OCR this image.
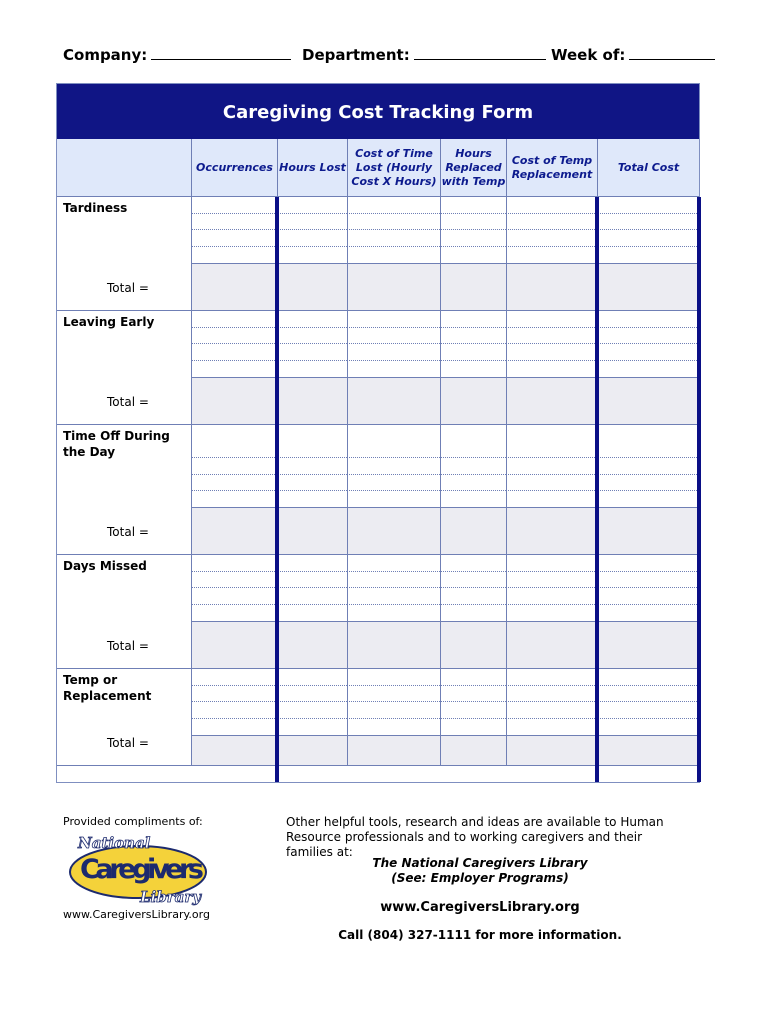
Company:	Department:	Week of:
Caregiving Cost Tracking Form
Occurrences Hours Lost
Cost of Time Lost (Hourly Cost X Hours)
Hours Replaced with Temp
Cost of Temp Replacement
Total Cost
Tardiness
Total =
Leaving Early
Total =
Time Off During the Day
Total =
Days Missed
Total =
Temp or Replacement
Total =
Provided compliments of:
National
Caregivers
Library
www.CaregiversLibrary.org
Other helpful tools, research and ideas are available to Human Resource professionals and to working caregivers and their families at:
The National Caregivers Library
(See: Employer Programs)
www.CaregiversLibrary.org
Call (804) 327-1111 for more information.
